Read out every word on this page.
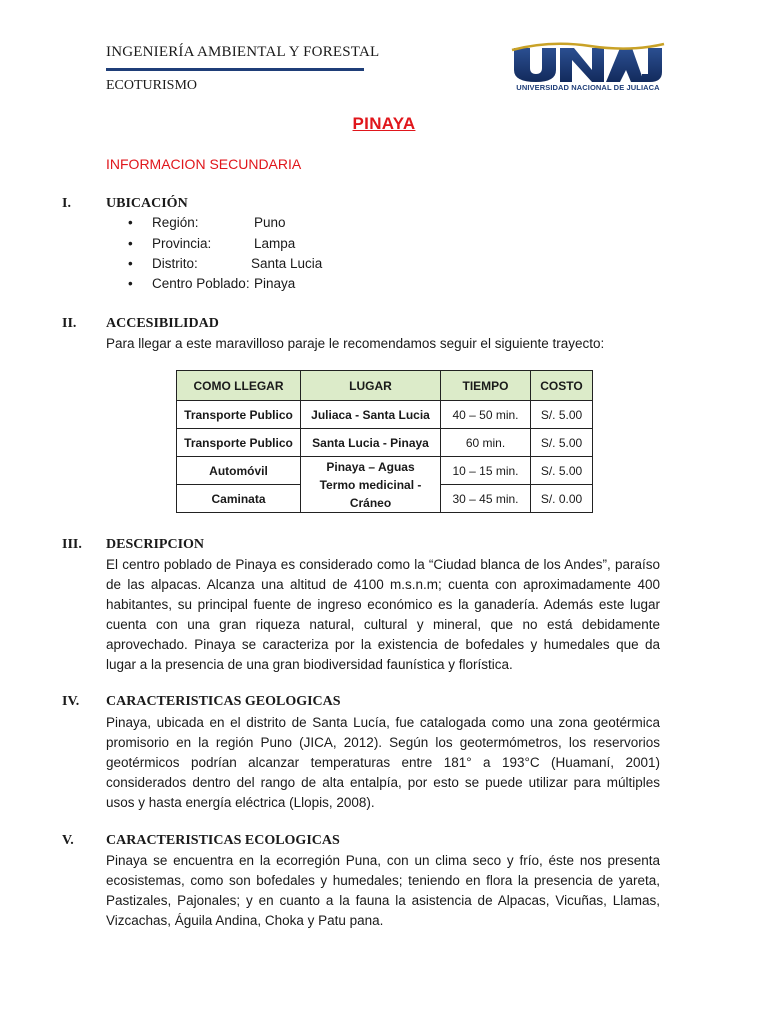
INGENIERÍA AMBIENTAL Y FORESTAL
ECOTURISMO	UNIVERSIDAD NACIONAL DE JULIACA
PINAYA
INFORMACION SECUNDARIA
I.	UBICACIÓN
• Región:	Puno
• Provincia:	Lampa
• Distrito:	Santa Lucia
• Centro Poblado: Pinaya
II. ACCESIBILIDAD

Para llegar a este maravilloso paraje le recomendamos seguir el siguiente trayecto:

COMO LLEGAR	LUGAR	TIEMPO	COSTO
Transporte Publico	Juliaca - Santa Lucia	40 – 50 min.	S/. 5.00
Transporte Publico	Santa Lucia - Pinaya	60 min.	S/. 5.00
Automóvil	Pinaya – Aguas Termo medicinal - Cráneo	10 – 15 min.	S/. 5.00
Caminata		30 – 45 min.	S/. 0.00
III. DESCRIPCION

El centro poblado de Pinaya es considerado como la “Ciudad blanca de los Andes”, paraíso de las alpacas. Alcanza una altitud de 4100 m.s.n.m; cuenta con aproximadamente 400 habitantes, su principal fuente de ingreso económico es la ganadería. Además este lugar cuenta con una gran riqueza natural, cultural y mineral, que no está debidamente aprovechado. Pinaya se caracteriza por la existencia de bofedales y humedales que da lugar a la presencia de una gran biodiversidad faunística y florística.

IV. CARACTERISTICAS GEOLOGICAS

Pinaya, ubicada en el distrito de Santa Lucía, fue catalogada como una zona geotérmica promisorio en la región Puno (JICA, 2012). Según los geotermómetros, los reservorios geotérmicos podrían alcanzar temperaturas entre 181° a 193°C (Huamaní, 2001) considerados dentro del rango de alta entalpía, por esto se puede utilizar para múltiples usos y hasta energía eléctrica (Llopis, 2008).

V. CARACTERISTICAS ECOLOGICAS

Pinaya se encuentra en la ecorregión Puna, con un clima seco y frío, éste nos presenta ecosistemas, como son bofedales y humedales; teniendo en flora la presencia de yareta, Pastizales, Pajonales; y en cuanto a la fauna la asistencia de Alpacas, Vicuñas, Llamas, Vizcachas, Águila Andina, Choka y Patu pana.
